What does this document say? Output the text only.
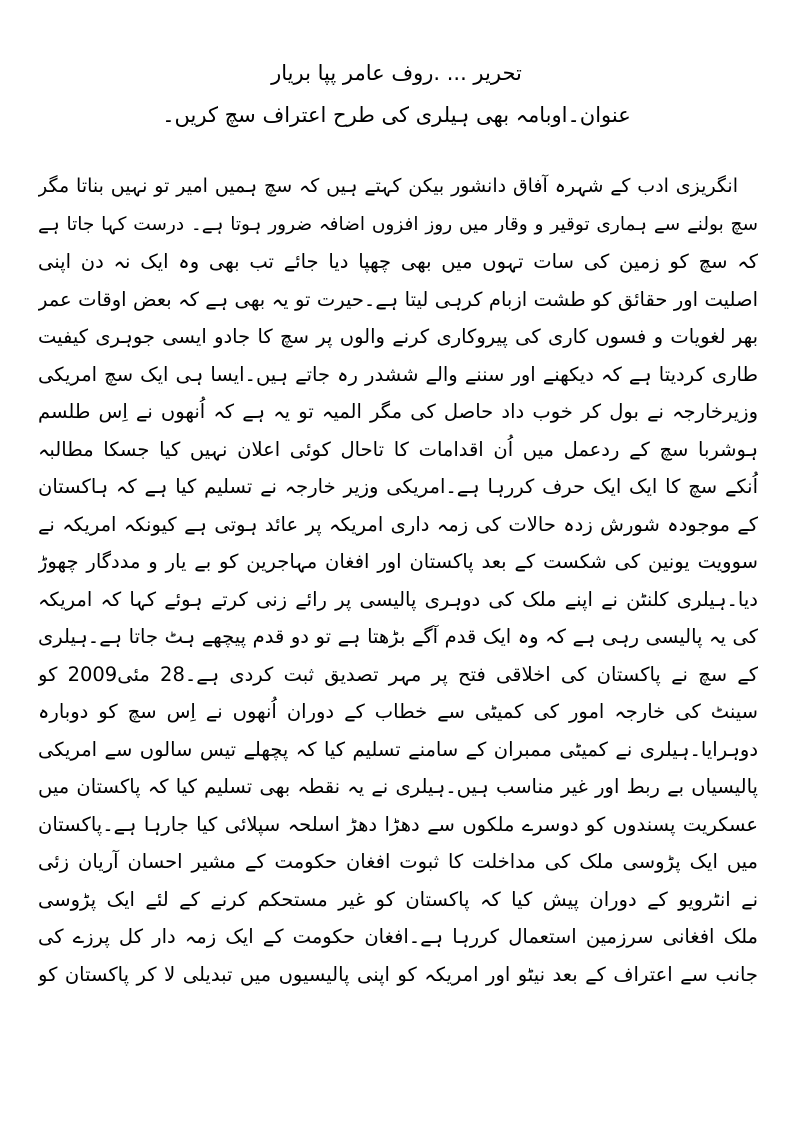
تحریر ... .روف عامر پپا بریار
عنوان۔اوبامہ بھی ہیلری کی طرح اعتراف سچ کریں۔
انگریزی ادب کے شہرہ آفاق دانشور بیکن کہتے ہیں کہ سچ ہمیں امیر تو نہیں بناتا مگر
سچ بولنے سے ہماری توقیر و وقار میں روز افزوں اضافہ ضرور ہوتا ہے۔ درست کہا جاتا ہے
کہ سچ کو زمین کی سات تہوں میں بھی چھپا دیا جائے تب بھی وہ ایک نہ دن اپنی
اصلیت اور حقائق کو طشت ازبام کرہی لیتا ہے۔حیرت تو یہ بھی ہے کہ بعض اوقات عمر
بھر لغویات و فسوں کاری کی پیروکاری کرنے والوں پر سچ کا جادو ایسی جوہری کیفیت
طاری کردیتا ہے کہ دیکھنے اور سننے والے ششدر رہ جاتے ہیں۔ایسا ہی ایک سچ امریکی
وزیرخارجہ نے بول کر خوب داد حاصل کی مگر المیہ تو یہ ہے کہ اُنھوں نے اِس طلسم
ہوشربا سچ کے ردعمل میں اُن اقدامات کا تاحال کوئی اعلان نہیں کیا جسکا مطالبہ
اُنکے سچ کا ایک ایک حرف کررہا ہے۔امریکی وزیر خارجہ نے تسلیم کیا ہے کہ ہاکستان
کے موجودہ شورش زدہ حالات کی زمہ داری امریکہ پر عائد ہوتی ہے کیونکہ امریکہ نے
سوویت یونین کی شکست کے بعد پاکستان اور افغان مہاجرین کو بے یار و مددگار چھوڑ
دیا۔ہیلری کلنٹن نے اپنے ملک کی دوہری پالیسی پر رائے زنی کرتے ہوئے کہا کہ امریکہ
کی یہ پالیسی رہی ہے کہ وہ ایک قدم آگے بڑھتا ہے تو دو قدم پیچھے ہٹ جاتا ہے۔ہیلری
کے سچ نے پاکستان کی اخلاقی فتح پر مہر تصدیق ثبت کردی ہے۔28 مئی2009 کو
سینٹ کی خارجہ امور کی کمیٹی سے خطاب کے دوران اُنھوں نے اِس سچ کو دوبارہ
دوہرایا۔ہیلری نے کمیٹی ممبران کے سامنے تسلیم کیا کہ پچھلے تیس سالوں سے امریکی
پالیسیاں بے ربط اور غیر مناسب ہیں۔ہیلری نے یہ نقطہ بھی تسلیم کیا کہ پاکستان میں
عسکریت پسندوں کو دوسرے ملکوں سے دھڑا دھڑ اسلحہ سپلائی کیا جارہا ہے۔پاکستان
میں ایک پڑوسی ملک کی مداخلت کا ثبوت افغان حکومت کے مشیر احسان آریان زئی
نے انٹرویو کے دوران پیش کیا کہ پاکستان کو غیر مستحکم کرنے کے لئے ایک پڑوسی
ملک افغانی سرزمین استعمال کررہا ہے۔افغان حکومت کے ایک زمہ دار کل پرزے کی
جانب سے اعتراف کے بعد نیٹو اور امریکہ کو اپنی پالیسیوں میں تبدیلی لا کر پاکستان کو
